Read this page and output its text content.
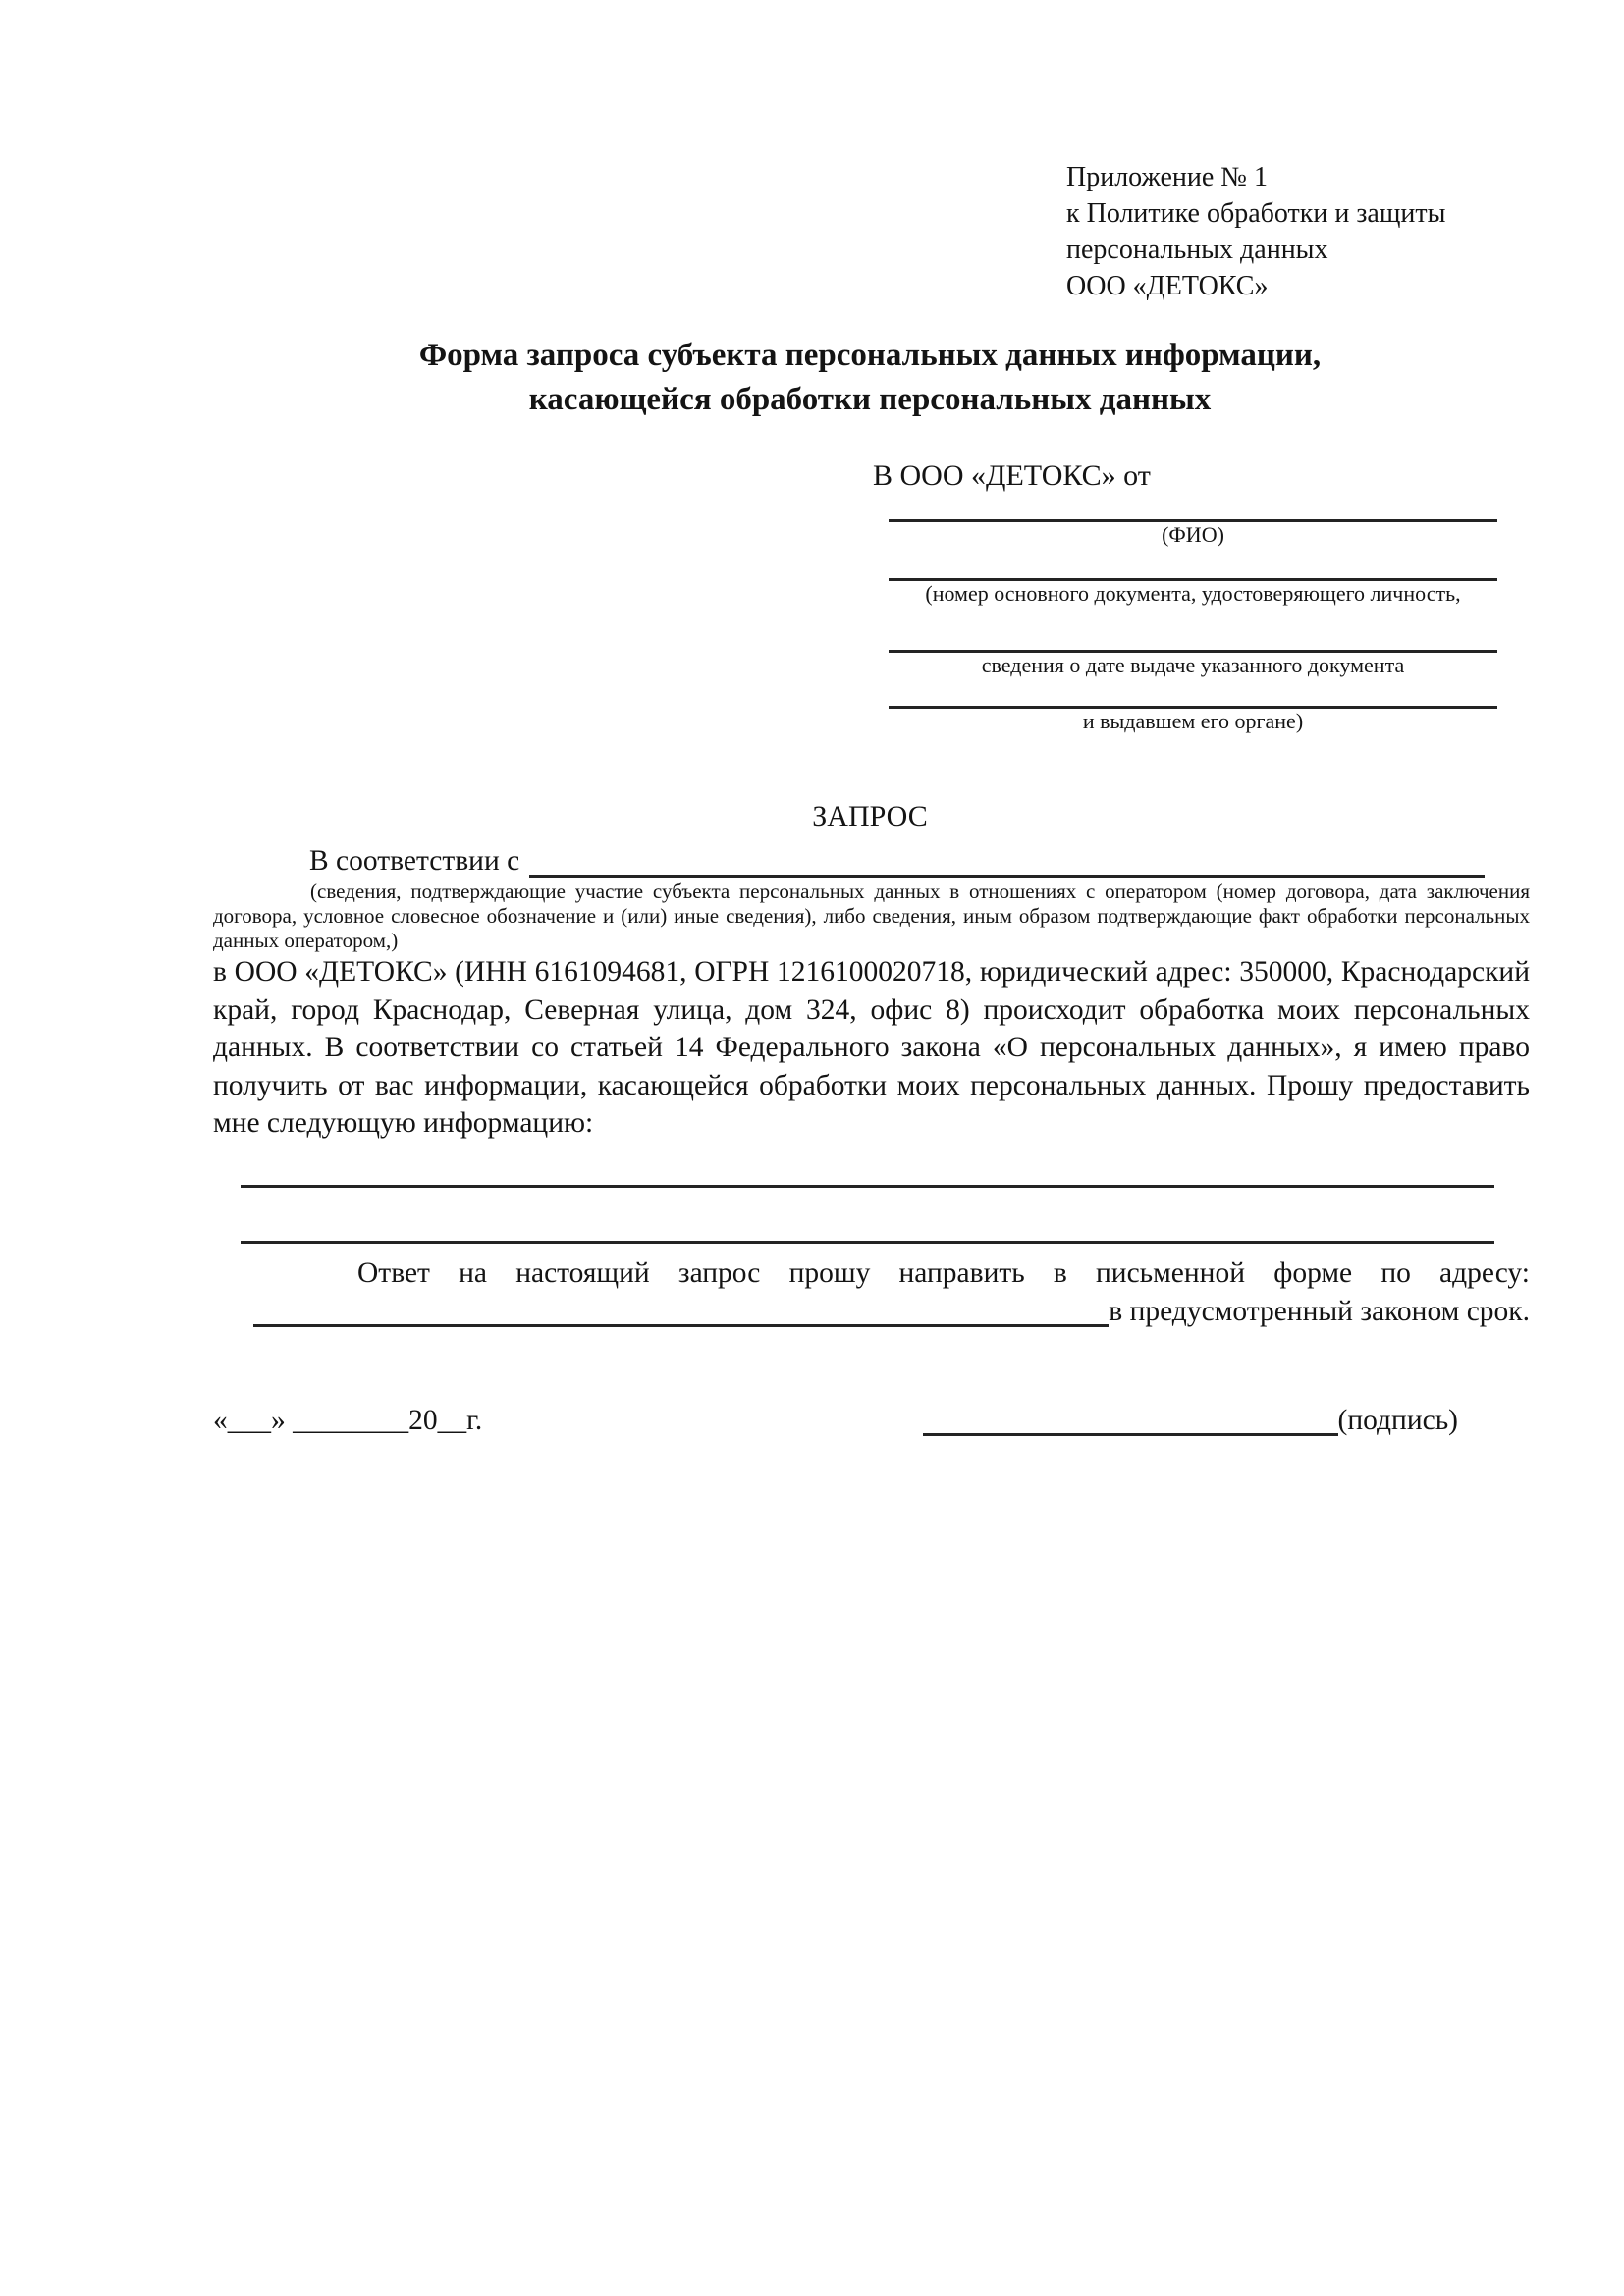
Приложение № 1
к Политике обработки и защиты
персональных данных
ООО «ДЕТОКС»
Форма запроса субъекта персональных данных информации,
касающейся обработки персональных данных
В ООО «ДЕТОКС» от
(ФИО)
(номер основного документа, удостоверяющего личность,
сведения о дате выдаче указанного документа
и выдавшем его органе)
ЗАПРОС
В соответствии с
(сведения, подтверждающие участие субъекта персональных данных в отношениях с оператором (номер договора, дата заключения договора, условное словесное обозначение и (или) иные сведения), либо сведения, иным образом подтверждающие факт обработки персональных данных оператором,)
в ООО «ДЕТОКС» (ИНН 6161094681, ОГРН 1216100020718, юридический адрес: 350000, Краснодарский край, город Краснодар, Северная улица, дом 324, офис 8) происходит обработка моих персональных данных. В соответствии со статьей 14 Федерального закона «О персональных данных», я имею право получить от вас информации, касающейся обработки моих персональных данных. Прошу предоставить мне следующую информацию:
Ответ на настоящий запрос прошу направить в письменной форме по адресу:
в предусмотренный законом срок.
«___» ________20__г.	(подпись)
